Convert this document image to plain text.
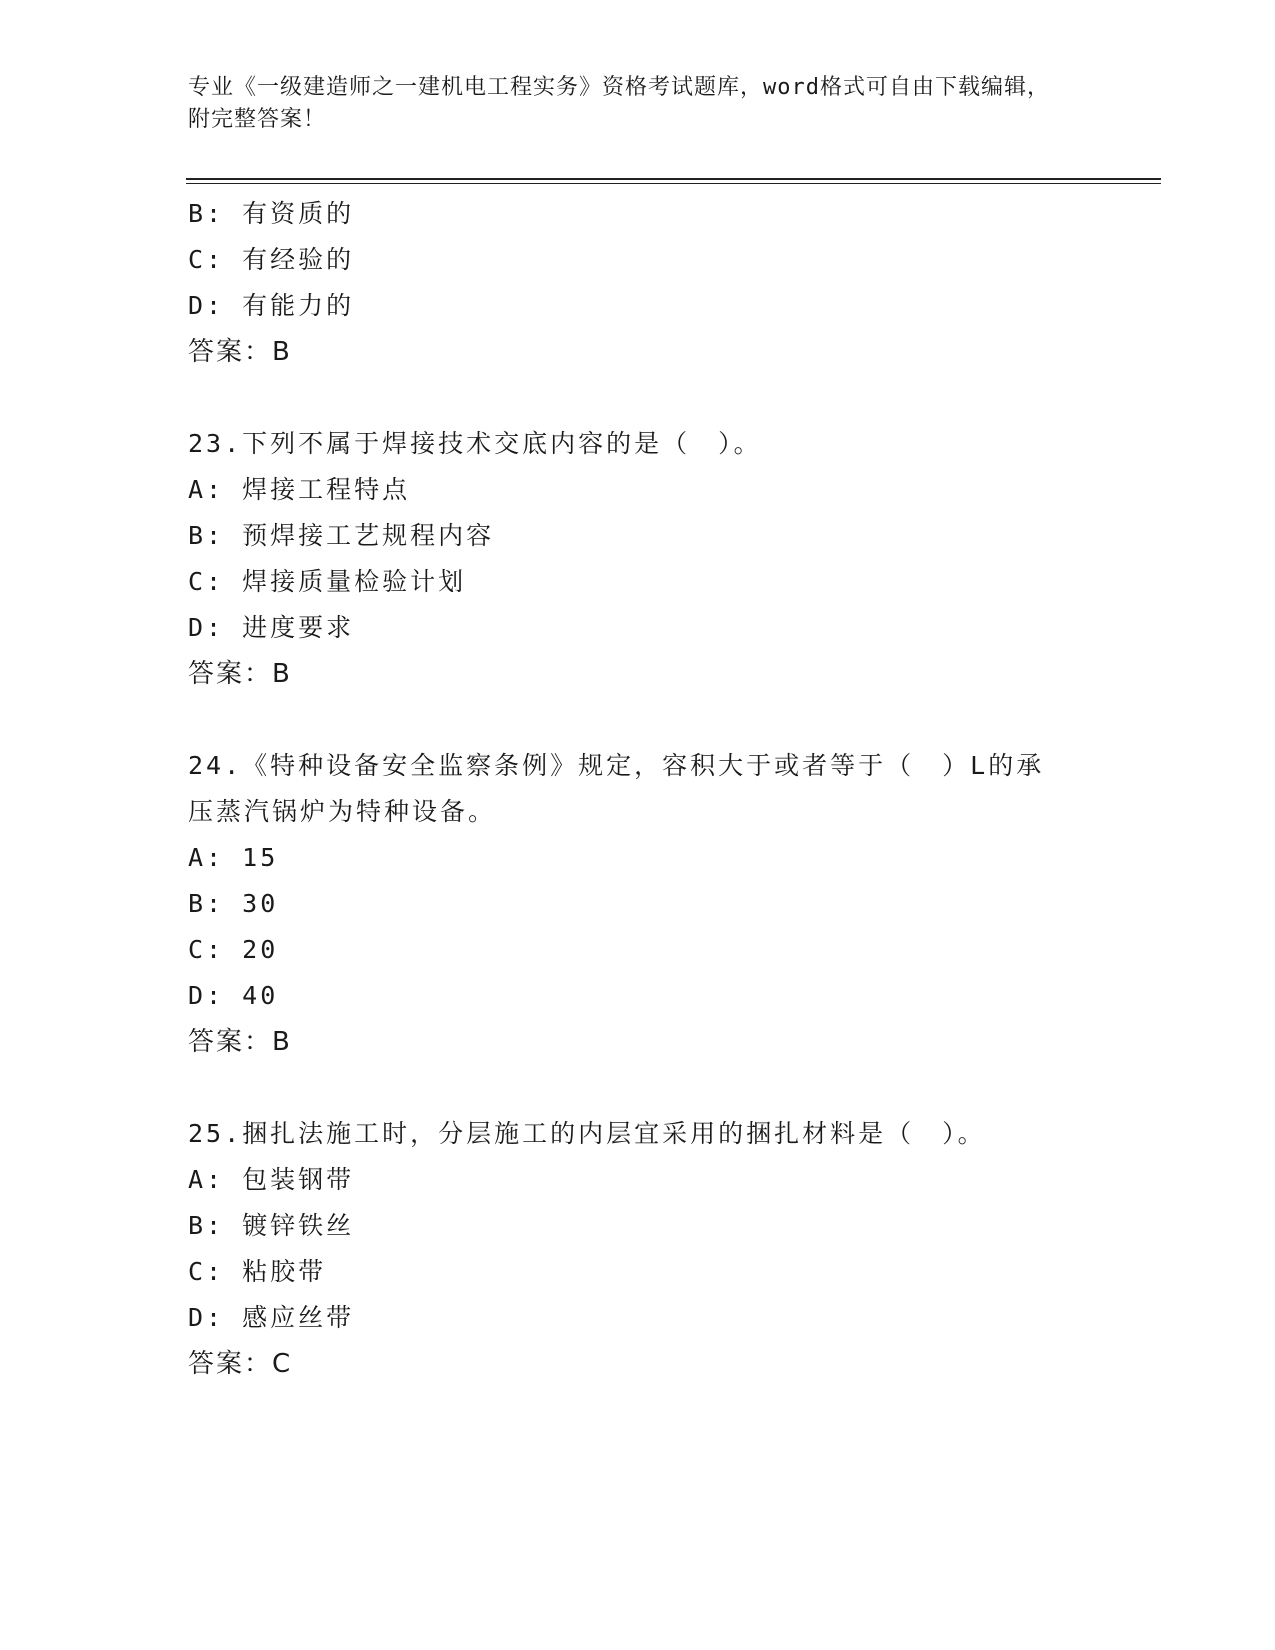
专业《一级建造师之一建机电工程实务》资格考试题库，word格式可自由下载编辑，附完整答案！

B: 有资质的
C: 有经验的
D: 有能力的
答案：B
23.下列不属于焊接技术交底内容的是（　）。
A: 焊接工程特点
B: 预焊接工艺规程内容
C: 焊接质量检验计划
D: 进度要求
答案：B
24.《特种设备安全监察条例》规定，容积大于或者等于（　）L的承压蒸汽锅炉为特种设备。
A: 15
B: 30
C: 20
D: 40
答案：B
25.捆扎法施工时，分层施工的内层宜采用的捆扎材料是（　）。
A: 包装钢带
B: 镀锌铁丝
C: 粘胶带
D: 感应丝带
答案：C
